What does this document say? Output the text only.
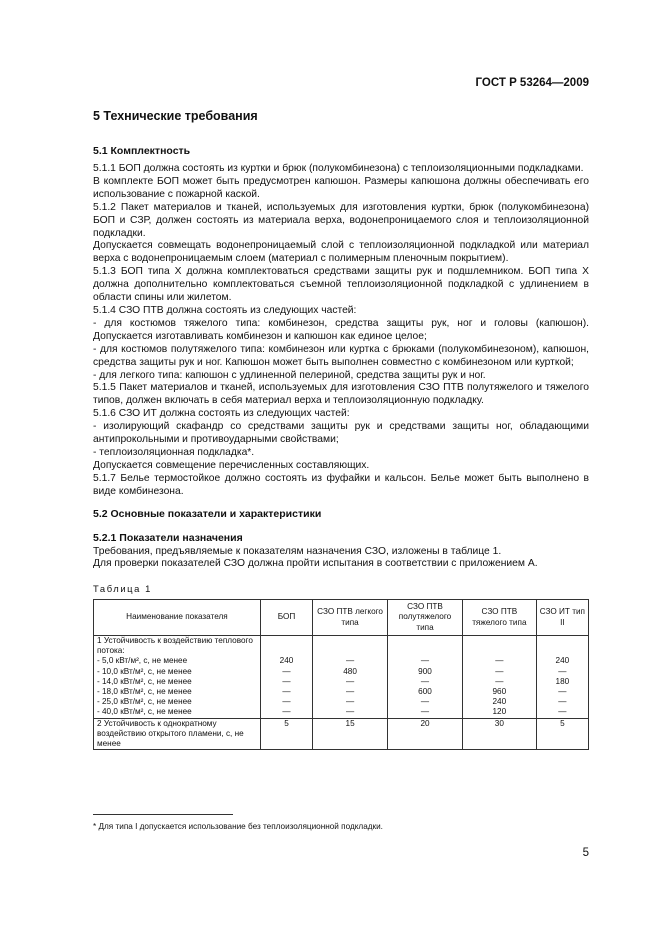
ГОСТ Р 53264—2009
5 Технические требования
5.1 Комплектность

5.1.1 БОП должна состоять из куртки и брюк (полукомбинезона) с теплоизоляционными подкладками.

В комплекте БОП может быть предусмотрен капюшон. Размеры капюшона должны обеспечивать его использование с пожарной каской.

5.1.2 Пакет материалов и тканей, используемых для изготовления куртки, брюк (полукомбинезона) БОП и СЗР, должен состоять из материала верха, водонепроницаемого слоя и теплоизоляционной подкладки.

Допускается совмещать водонепроницаемый слой с теплоизоляционной подкладкой или материал верха с водонепроницаемым слоем (материал с полимерным пленочным покрытием).

5.1.3 БОП типа Х должна комплектоваться средствами защиты рук и подшлемником. БОП типа Х должна дополнительно комплектоваться съемной теплоизоляционной подкладкой с удлинением в области спины или жилетом.

5.1.4 СЗО ПТВ должна состоять из следующих частей:

- для костюмов тяжелого типа: комбинезон, средства защиты рук, ног и головы (капюшон). Допускается изготавливать комбинезон и капюшон как единое целое;

- для костюмов полутяжелого типа: комбинезон или куртка с брюками (полукомбинезоном), капюшон, средства защиты рук и ног. Капюшон может быть выполнен совместно с комбинезоном или курткой;

- для легкого типа: капюшон с удлиненной пелериной, средства защиты рук и ног.

5.1.5 Пакет материалов и тканей, используемых для изготовления СЗО ПТВ полутяжелого и тяжелого типов, должен включать в себя материал верха и теплоизоляционную подкладку.

5.1.6 СЗО ИТ должна состоять из следующих частей:

- изолирующий скафандр со средствами защиты рук и средствами защиты ног, обладающими антипрокольными и противоударными свойствами;

- теплоизоляционная подкладка*.

Допускается совмещение перечисленных составляющих.

5.1.7 Белье термостойкое должно состоять из фуфайки и кальсон. Белье может быть выполнено в виде комбинезона.

5.2 Основные показатели и характеристики
5.2.1 Показатели назначения

Требования, предъявляемые к показателям назначения СЗО, изложены в таблице 1.

Для проверки показателей СЗО должна пройти испытания в соответствии с приложением А.

Таблица 1
Наименование показателя	БОП	СЗО ПТВ легкого типа	СЗО ПТВ полутяжелого типа	СЗО ПТВ тяжелого типа	СЗО ИТ тип II
1 Устойчивость к воздействию теплового потока:					
- 5,0 кВт/м², с, не менее	240	—	—	—	240
- 10,0 кВт/м², с, не менее	—	480	900	—	—
- 14,0 кВт/м², с, не менее	—	—	—	—	180
- 18,0 кВт/м², с, не менее	—	—	600	960	—
- 25,0 кВт/м², с, не менее	—	—	—	240	—
- 40,0 кВт/м², с, не менее	—	—	—	120	—
2 Устойчивость к однократному воздействию открытого пламени, с, не менее	5	15	20	30	5
* Для типа I допускается использование без теплоизоляционной подкладки.
5
